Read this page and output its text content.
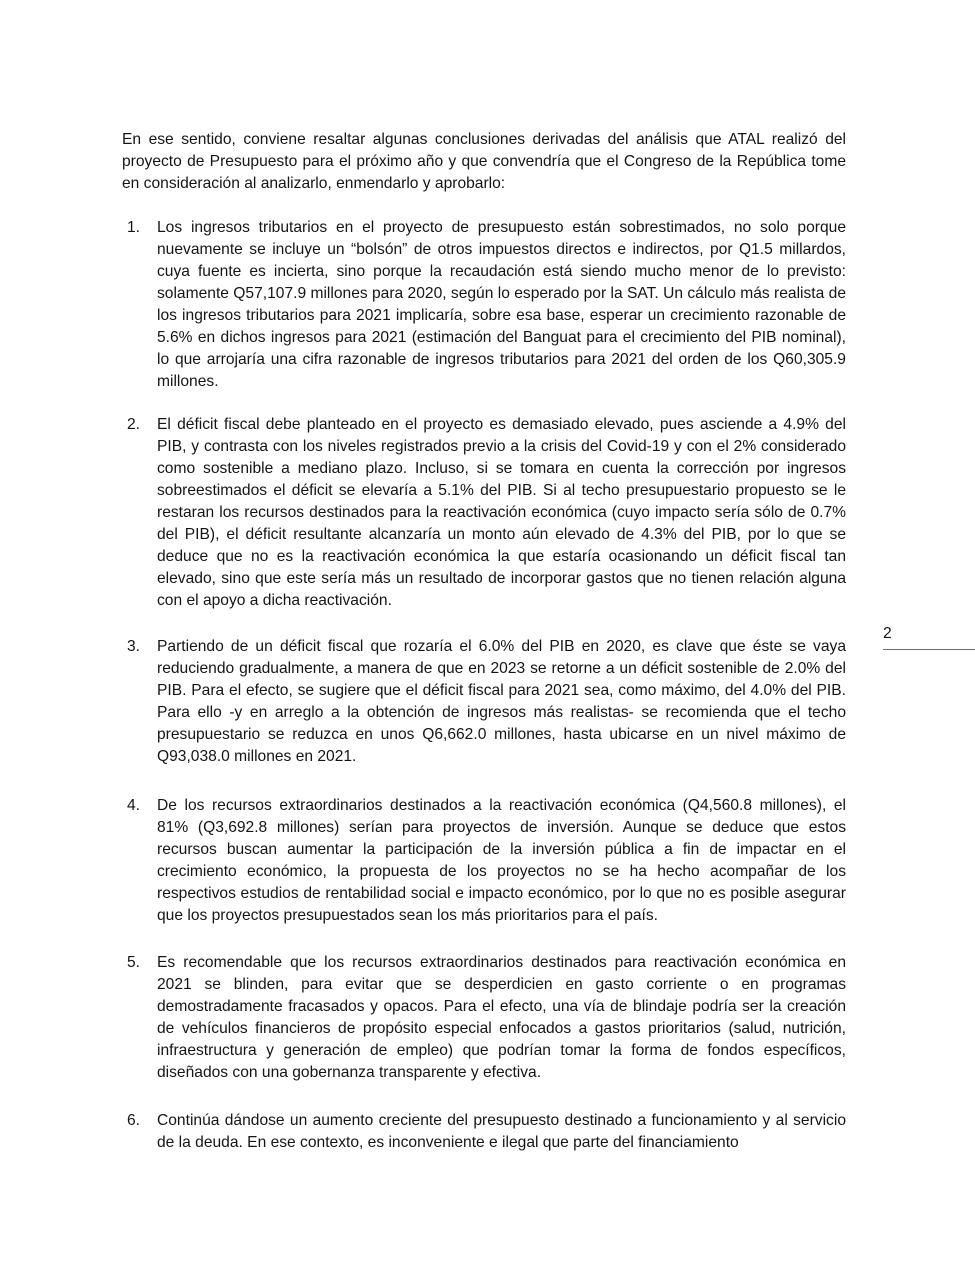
En ese sentido, conviene resaltar algunas conclusiones derivadas del análisis que ATAL realizó del proyecto de Presupuesto para el próximo año y que convendría que el Congreso de la República tome en consideración al analizarlo, enmendarlo y aprobarlo:

1.	Los ingresos tributarios en el proyecto de presupuesto están sobrestimados, no solo porque nuevamente se incluye un “bolsón” de otros impuestos directos e indirectos, por Q1.5 millardos, cuya fuente es incierta, sino porque la recaudación está siendo mucho menor de lo previsto: solamente Q57,107.9 millones para 2020, según lo esperado por la SAT. Un cálculo más realista de los ingresos tributarios para 2021 implicaría, sobre esa base, esperar un crecimiento razonable de 5.6% en dichos ingresos para 2021 (estimación del Banguat para el crecimiento del PIB nominal), lo que arrojaría una cifra razonable de ingresos tributarios para 2021 del orden de los Q60,305.9 millones.

2.	El déficit fiscal debe planteado en el proyecto es demasiado elevado, pues asciende a 4.9% del PIB, y contrasta con los niveles registrados previo a la crisis del Covid-19 y con el 2% considerado como sostenible a mediano plazo. Incluso, si se tomara en cuenta la corrección por ingresos sobreestimados el déficit se elevaría a 5.1% del PIB. Si al techo presupuestario propuesto se le restaran los recursos destinados para la reactivación económica (cuyo impacto sería sólo de 0.7% del PIB), el déficit resultante alcanzaría un monto aún elevado de 4.3% del PIB, por lo que se deduce que no es la reactivación económica la que estaría ocasionando un déficit fiscal tan elevado, sino que este sería más un resultado de incorporar gastos que no tienen relación alguna con el apoyo a dicha reactivación.

3.	Partiendo de un déficit fiscal que rozaría el 6.0% del PIB en 2020, es clave que éste se vaya reduciendo gradualmente, a manera de que en 2023 se retorne a un déficit sostenible de 2.0% del PIB. Para el efecto, se sugiere que el déficit fiscal para 2021 sea, como máximo, del 4.0% del PIB. Para ello -y en arreglo a la obtención de ingresos más realistas- se recomienda que el techo presupuestario se reduzca en unos Q6,662.0 millones, hasta ubicarse en un nivel máximo de Q93,038.0 millones en 2021.

4.	De los recursos extraordinarios destinados a la reactivación económica (Q4,560.8 millones), el 81% (Q3,692.8 millones) serían para proyectos de inversión. Aunque se deduce que estos recursos buscan aumentar la participación de la inversión pública a fin de impactar en el crecimiento económico, la propuesta de los proyectos no se ha hecho acompañar de los respectivos estudios de rentabilidad social e impacto económico, por lo que no es posible asegurar que los proyectos presupuestados sean los más prioritarios para el país.

5.	Es recomendable que los recursos extraordinarios destinados para reactivación económica en 2021 se blinden, para evitar que se desperdicien en gasto corriente o en programas demostradamente fracasados y opacos. Para el efecto, una vía de blindaje podría ser la creación de vehículos financieros de propósito especial enfocados a gastos prioritarios (salud, nutrición, infraestructura y generación de empleo) que podrían tomar la forma de fondos específicos, diseñados con una gobernanza transparente y efectiva.

6.	Continúa dándose un aumento creciente del presupuesto destinado a funcionamiento y al servicio de la deuda. En ese contexto, es inconveniente e ilegal que parte del financiamiento

2
